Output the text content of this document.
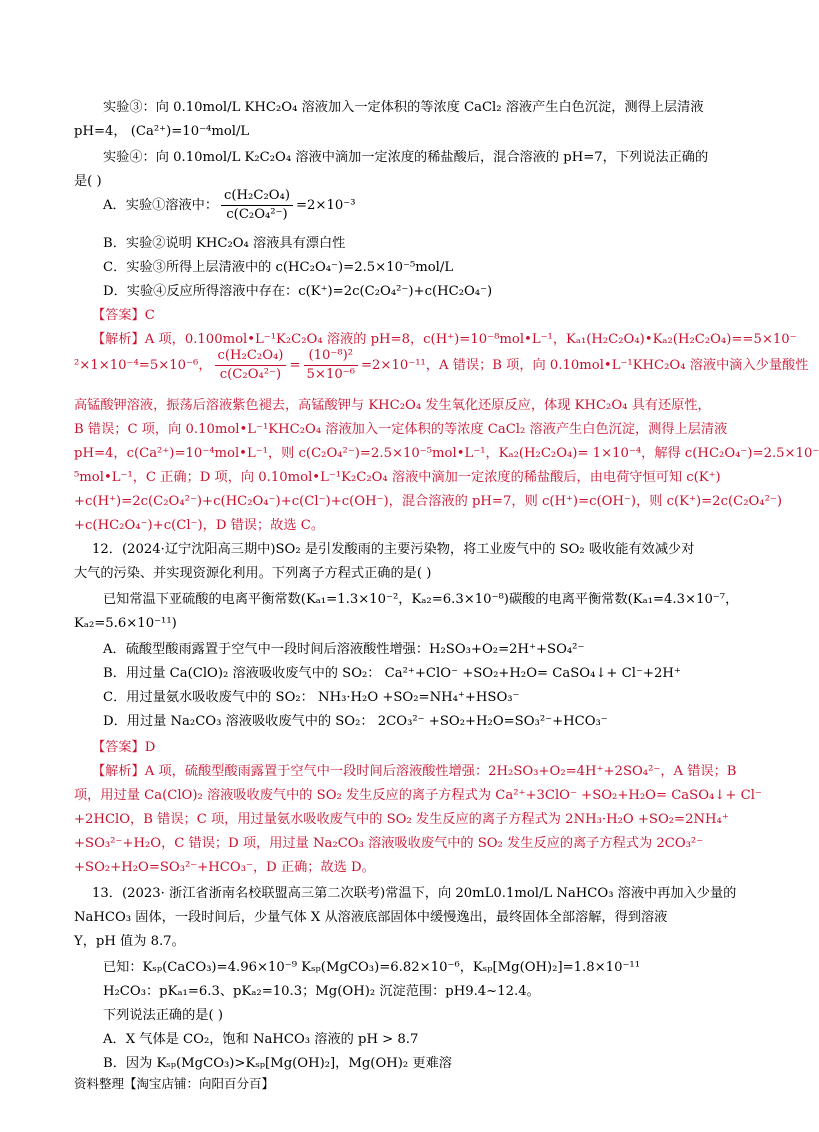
实验③：向 0.10mol/L KHC₂O₄ 溶液加入一定体积的等浓度 CaCl₂ 溶液产生白色沉淀，测得上层清液
pH=4， (Ca²⁺)=10⁻⁴mol/L
实验④：向 0.10mol/L K₂C₂O₄ 溶液中滴加一定浓度的稀盐酸后，混合溶液的 pH=7，下列说法正确的
是( )
A．实验①溶液中： $\frac{\text{c(H₂C₂O₄)}}{\text{c(C₂O₄²⁻)}} =2\times 10^{-3}$
B．实验②说明 KHC₂O₄ 溶液具有漂白性
C．实验③所得上层清液中的 c(HC₂O₄⁻)=2.5×10⁻⁵mol/L
D．实验④反应所得溶液中存在：c(K⁺)=2c(C₂O₄²⁻)+c(HC₂O₄⁻)
【答案】C
【解析】A 项，0.100mol•L⁻¹K₂C₂O₄ 溶液的 pH=8，c(H⁺)=10⁻⁸mol•L⁻¹，Kₐ₁(H₂C₂O₄)•Kₐ₂(H₂C₂O₄)==5×10⁻
²×1×10⁻⁴=5×10⁻⁶， $\frac{\text{c(H₂C₂O₄)}}{\text{c(C₂O₄²⁻)}} = \frac{\text{(10⁻⁸)²}}{\text{5×10⁻⁶}} =2\times 10^{-11}$，A 错误；B 项，向 0.10mol•L⁻¹KHC₂O₄ 溶液中滴入少量酸性
高锰酸钾溶液，振荡后溶液紫色褪去，高锰酸钾与 KHC₂O₄ 发生氧化还原反应，体现 KHC₂O₄ 具有还原性，
B 错误；C 项，向 0.10mol•L⁻¹KHC₂O₄ 溶液加入一定体积的等浓度 CaCl₂ 溶液产生白色沉淀，测得上层清液
pH=4，c(Ca²⁺)=10⁻⁴mol•L⁻¹，则 c(C₂O₄²⁻)=2.5×10⁻⁵mol•L⁻¹，Kₐ₂(H₂C₂O₄)= 1×10⁻⁴，解得 c(HC₂O₄⁻)=2.5×10⁻
⁵mol•L⁻¹，C 正确；D 项，向 0.10mol•L⁻¹K₂C₂O₄ 溶液中滴加一定浓度的稀盐酸后，由电荷守恒可知 c(K⁺)
+c(H⁺)=2c(C₂O₄²⁻)+c(HC₂O₄⁻)+c(Cl⁻)+c(OH⁻)，混合溶液的 pH=7，则 c(H⁺)=c(OH⁻)，则 c(K⁺)=2c(C₂O₄²⁻)
+c(HC₂O₄⁻)+c(Cl⁻)，D 错误；故选 C。
12．(2024·辽宁沈阳高三期中)SO₂ 是引发酸雨的主要污染物，将工业废气中的 SO₂ 吸收能有效减少对
大气的污染、并实现资源化利用。下列离子方程式正确的是( )
已知常温下亚硫酸的电离平衡常数(Kₐ₁=1.3×10⁻²，Kₐ₂=6.3×10⁻⁸)碳酸的电离平衡常数(Kₐ₁=4.3×10⁻⁷，
Kₐ₂=5.6×10⁻¹¹)
A．硫酸型酸雨露置于空气中一段时间后溶液酸性增强：H₂SO₃+O₂=2H⁺+SO₄²⁻
B．用过量 Ca(ClO)₂ 溶液吸收废气中的 SO₂： Ca²⁺+ClO⁻ +SO₂+H₂O= CaSO₄↓+ Cl⁻+2H⁺
C．用过量氨水吸收废气中的 SO₂： NH₃·H₂O +SO₂=NH₄⁺+HSO₃⁻
D．用过量 Na₂CO₃ 溶液吸收废气中的 SO₂： 2CO₃²⁻ +SO₂+H₂O=SO₃²⁻+HCO₃⁻
【答案】D
【解析】A 项，硫酸型酸雨露置于空气中一段时间后溶液酸性增强：2H₂SO₃+O₂=4H⁺+2SO₄²⁻，A 错误；B
项，用过量 Ca(ClO)₂ 溶液吸收废气中的 SO₂ 发生反应的离子方程式为 Ca²⁺+3ClO⁻ +SO₂+H₂O= CaSO₄↓+ Cl⁻
+2HClO，B 错误；C 项，用过量氨水吸收废气中的 SO₂ 发生反应的离子方程式为 2NH₃·H₂O +SO₂=2NH₄⁺
+SO₃²⁻+H₂O，C 错误；D 项，用过量 Na₂CO₃ 溶液吸收废气中的 SO₂ 发生反应的离子方程式为 2CO₃²⁻
+SO₂+H₂O=SO₃²⁻+HCO₃⁻，D 正确；故选 D。
13．(2023· 浙江省浙南名校联盟高三第二次联考)常温下，向 20mL0.1mol/L NaHCO₃ 溶液中再加入少量的
NaHCO₃ 固体，一段时间后，少量气体 X 从溶液底部固体中缓慢逸出，最终固体全部溶解，得到溶液
Y，pH 值为 8.7。
已知：Kₛₚ(CaCO₃)=4.96×10⁻⁹ Kₛₚ(MgCO₃)=6.82×10⁻⁶，Kₛₚ[Mg(OH)₂]=1.8×10⁻¹¹
H₂CO₃：pKₐ₁=6.3、pKₐ₂=10.3；Mg(OH)₂ 沉淀范围：pH9.4~12.4。
下列说法正确的是( )
A．X 气体是 CO₂，饱和 NaHCO₃ 溶液的 pH > 8.7
B．因为 Kₛₚ(MgCO₃)>Kₛₚ[Mg(OH)₂]，Mg(OH)₂ 更难溶
资料整理【淘宝店铺：向阳百分百】
